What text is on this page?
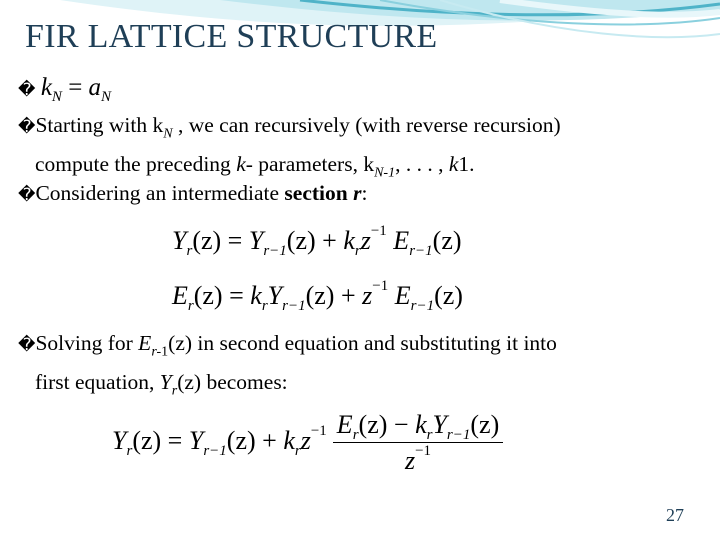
FIR LATTICE STRUCTURE
� $k_N = a_N$
�Starting with $k_N$ , we can recursively (with reverse recursion)
compute the preceding k- parameters, $k_{N-1}$, . . . , k1.
�Considering an intermediate section r:
$Y_r(z) = Y_{r-1}(z) + k_rz^{-1}$ $E_{r-1}(z)$
$E_r(z) = k_rY_{r-1}(z) + z^{-1}$ $E_{r-1}(z)$
�Solving for $E_{r-1}(z)$ in second equation and substituting it into
first equation, $Y_r(z)$ becomes:
$Y_r(z) = Y_{r-1}(z) + k_rz^{-1} \frac{E_r(z) - k_rY_{r-1}(z)}{z^{-1}}$
27
